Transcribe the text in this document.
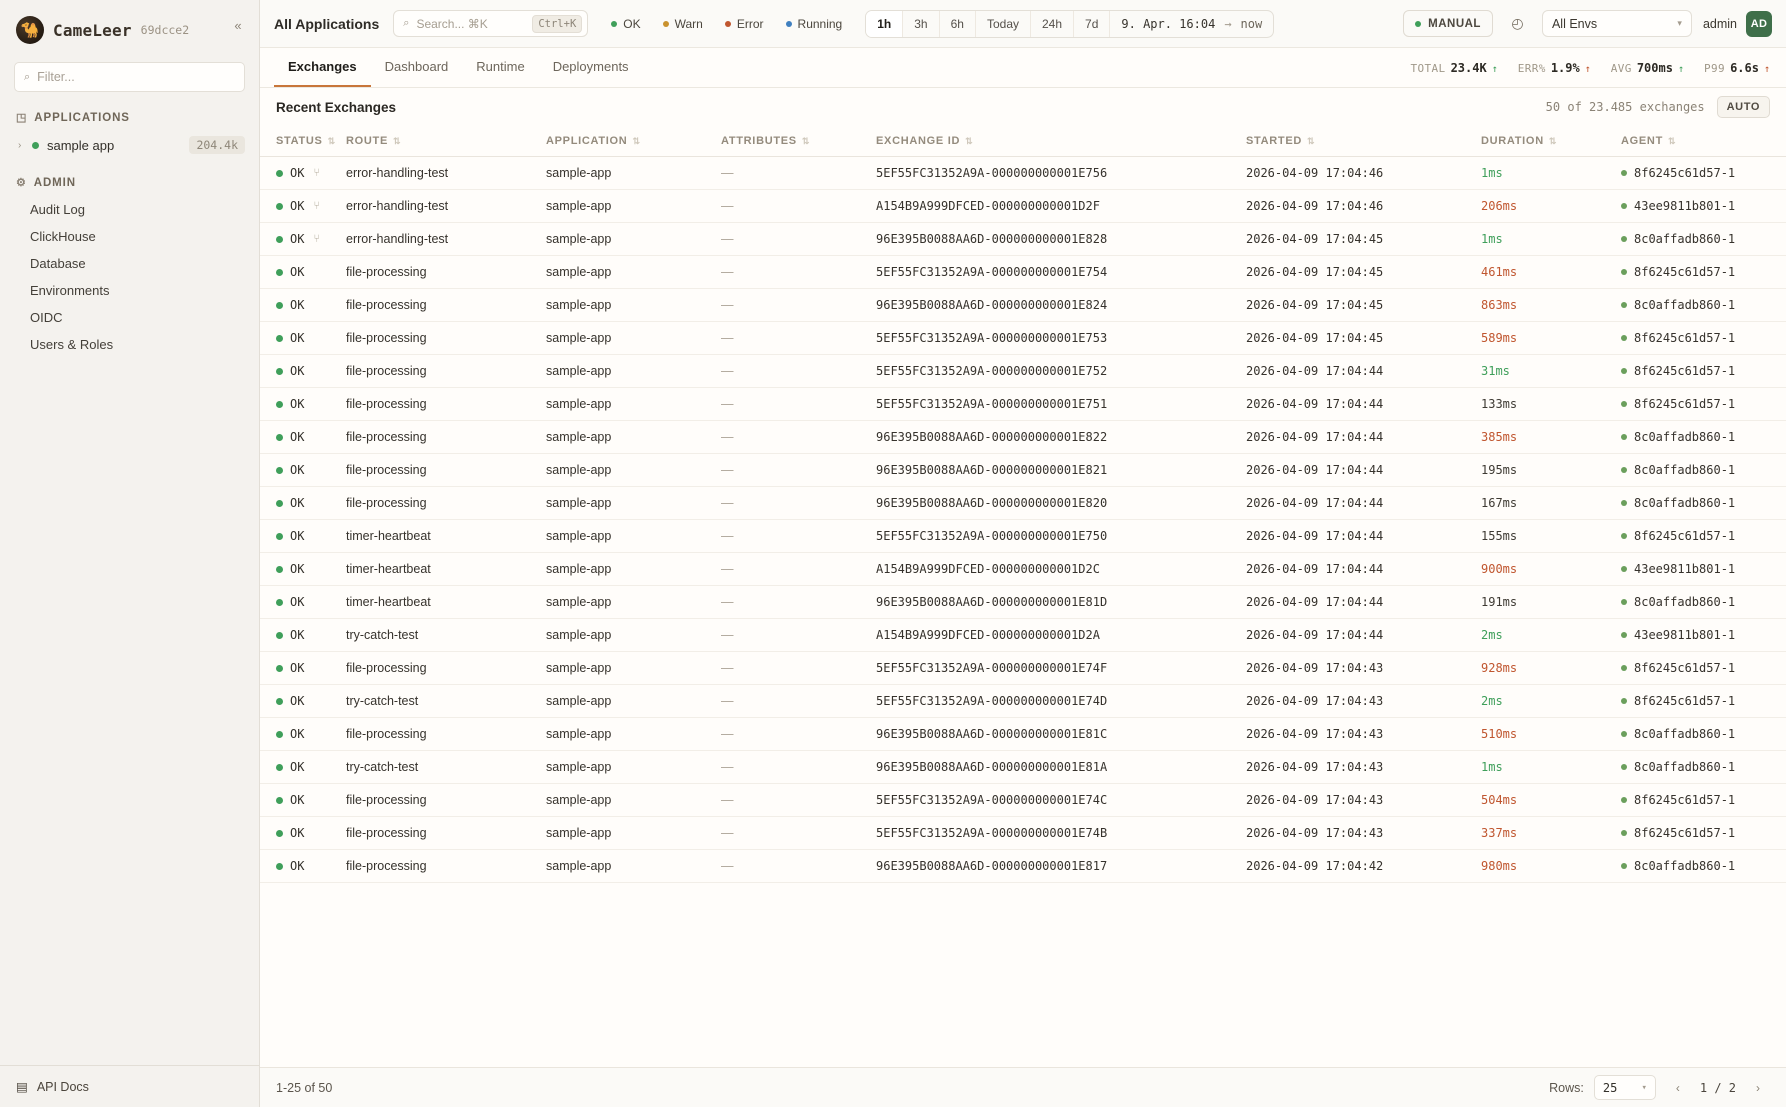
🐪 CameLeer 69dcce2	«
⌕
Filter...
◳ APPLICATIONS
›	sample app	204.4k
⚙ ADMIN
Audit Log
ClickHouse
Database
Environments
OIDC
Users & Roles
▤ API Docs
All Applications ⌕ Search... ⌘K	Ctrl+K	OK	Warn	Error	Running	1h	3h	6h	Today	24h	7d	9. Apr. 16:04 → now	MANUAL	◴	All Envs	▾ admin	AD
Exchanges	Dashboard	Runtime	Deployments	TOTAL 23.4K ↑ ERR% 1.9% ↑ AVG 700ms ↑ P99 6.6s ↑
Recent Exchanges	50 of 23.485 exchanges	AUTO
STATUS ⇅	ROUTE ⇅	APPLICATION ⇅	ATTRIBUTES ⇅	EXCHANGE ID ⇅	STARTED ⇅	DURATION ⇅	AGENT ⇅

OK ⑂	error-handling-test	sample-app	—	5EF55FC31352A9A-000000000001E756	2026-04-09 17:04:46	1ms	8f6245c61d57-1

OK ⑂	error-handling-test	sample-app	—	A154B9A999DFCED-000000000001D2F	2026-04-09 17:04:46	206ms	43ee9811b801-1

OK ⑂	error-handling-test	sample-app	—	96E395B0088AA6D-000000000001E828	2026-04-09 17:04:45	1ms	8c0affadb860-1

OK	file-processing	sample-app	—	5EF55FC31352A9A-000000000001E754	2026-04-09 17:04:45	461ms	8f6245c61d57-1

OK	file-processing	sample-app	—	96E395B0088AA6D-000000000001E824	2026-04-09 17:04:45	863ms	8c0affadb860-1

OK	file-processing	sample-app	—	5EF55FC31352A9A-000000000001E753	2026-04-09 17:04:45	589ms	8f6245c61d57-1

OK	file-processing	sample-app	—	5EF55FC31352A9A-000000000001E752	2026-04-09 17:04:44	31ms	8f6245c61d57-1

OK	file-processing	sample-app	—	5EF55FC31352A9A-000000000001E751	2026-04-09 17:04:44	133ms	8f6245c61d57-1

OK	file-processing	sample-app	—	96E395B0088AA6D-000000000001E822	2026-04-09 17:04:44	385ms	8c0affadb860-1

OK	file-processing	sample-app	—	96E395B0088AA6D-000000000001E821	2026-04-09 17:04:44	195ms	8c0affadb860-1

OK	file-processing	sample-app	—	96E395B0088AA6D-000000000001E820	2026-04-09 17:04:44	167ms	8c0affadb860-1

OK	timer-heartbeat	sample-app	—	5EF55FC31352A9A-000000000001E750	2026-04-09 17:04:44	155ms	8f6245c61d57-1

OK	timer-heartbeat	sample-app	—	A154B9A999DFCED-000000000001D2C	2026-04-09 17:04:44	900ms	43ee9811b801-1

OK	timer-heartbeat	sample-app	—	96E395B0088AA6D-000000000001E81D	2026-04-09 17:04:44	191ms	8c0affadb860-1

OK	try-catch-test	sample-app	—	A154B9A999DFCED-000000000001D2A	2026-04-09 17:04:44	2ms	43ee9811b801-1

OK	file-processing	sample-app	—	5EF55FC31352A9A-000000000001E74F	2026-04-09 17:04:43	928ms	8f6245c61d57-1

OK	try-catch-test	sample-app	—	5EF55FC31352A9A-000000000001E74D	2026-04-09 17:04:43	2ms	8f6245c61d57-1

OK	file-processing	sample-app	—	96E395B0088AA6D-000000000001E81C	2026-04-09 17:04:43	510ms	8c0affadb860-1

OK	try-catch-test	sample-app	—	96E395B0088AA6D-000000000001E81A	2026-04-09 17:04:43	1ms	8c0affadb860-1

OK	file-processing	sample-app	—	5EF55FC31352A9A-000000000001E74C	2026-04-09 17:04:43	504ms	8f6245c61d57-1

OK	file-processing	sample-app	—	5EF55FC31352A9A-000000000001E74B	2026-04-09 17:04:43	337ms	8f6245c61d57-1

OK	file-processing	sample-app	—	96E395B0088AA6D-000000000001E817	2026-04-09 17:04:42	980ms	8c0affadb860-1
1-25 of 50	Rows: 25	▾	‹	1 / 2	›
